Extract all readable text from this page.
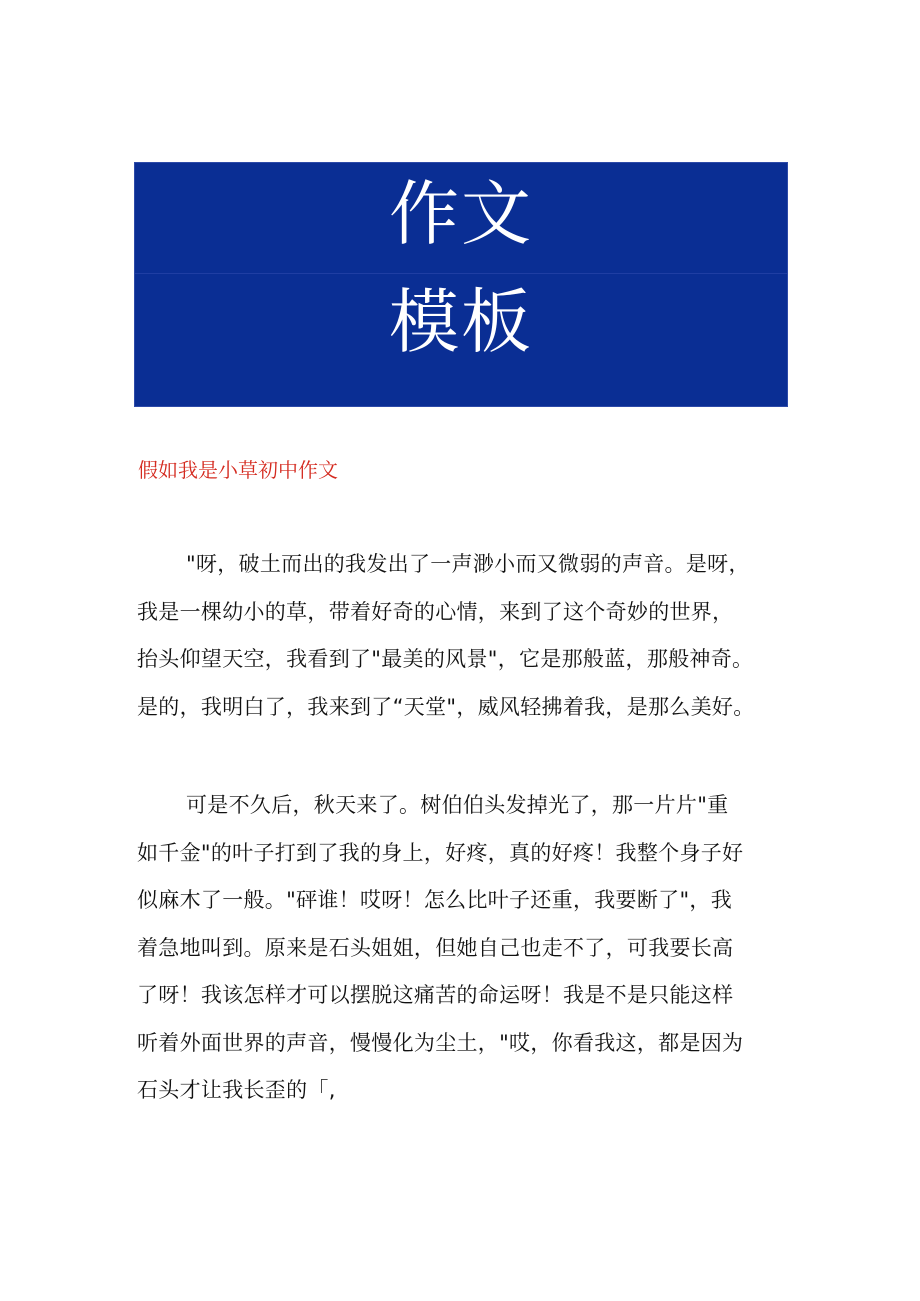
作文
模板
假如我是小草初中作文
"呀，破土而出的我发出了一声渺小而又微弱的声音。是呀，
我是一棵幼小的草，带着好奇的心情，来到了这个奇妙的世界，
抬头仰望天空，我看到了"最美的风景"，它是那般蓝，那般神奇。
是的，我明白了，我来到了“天堂"，威风轻拂着我，是那么美好。
可是不久后，秋天来了。树伯伯头发掉光了，那一片片"重
如千金"的叶子打到了我的身上，好疼，真的好疼！我整个身子好
似麻木了一般。"砰谁！哎呀！怎么比叶子还重，我要断了"，我
着急地叫到。原来是石头姐姐，但她自己也走不了，可我要长高
了呀！我该怎样才可以摆脱这痛苦的命运呀！我是不是只能这样
听着外面世界的声音，慢慢化为尘土，"哎，你看我这，都是因为
石头才让我长歪的「,
